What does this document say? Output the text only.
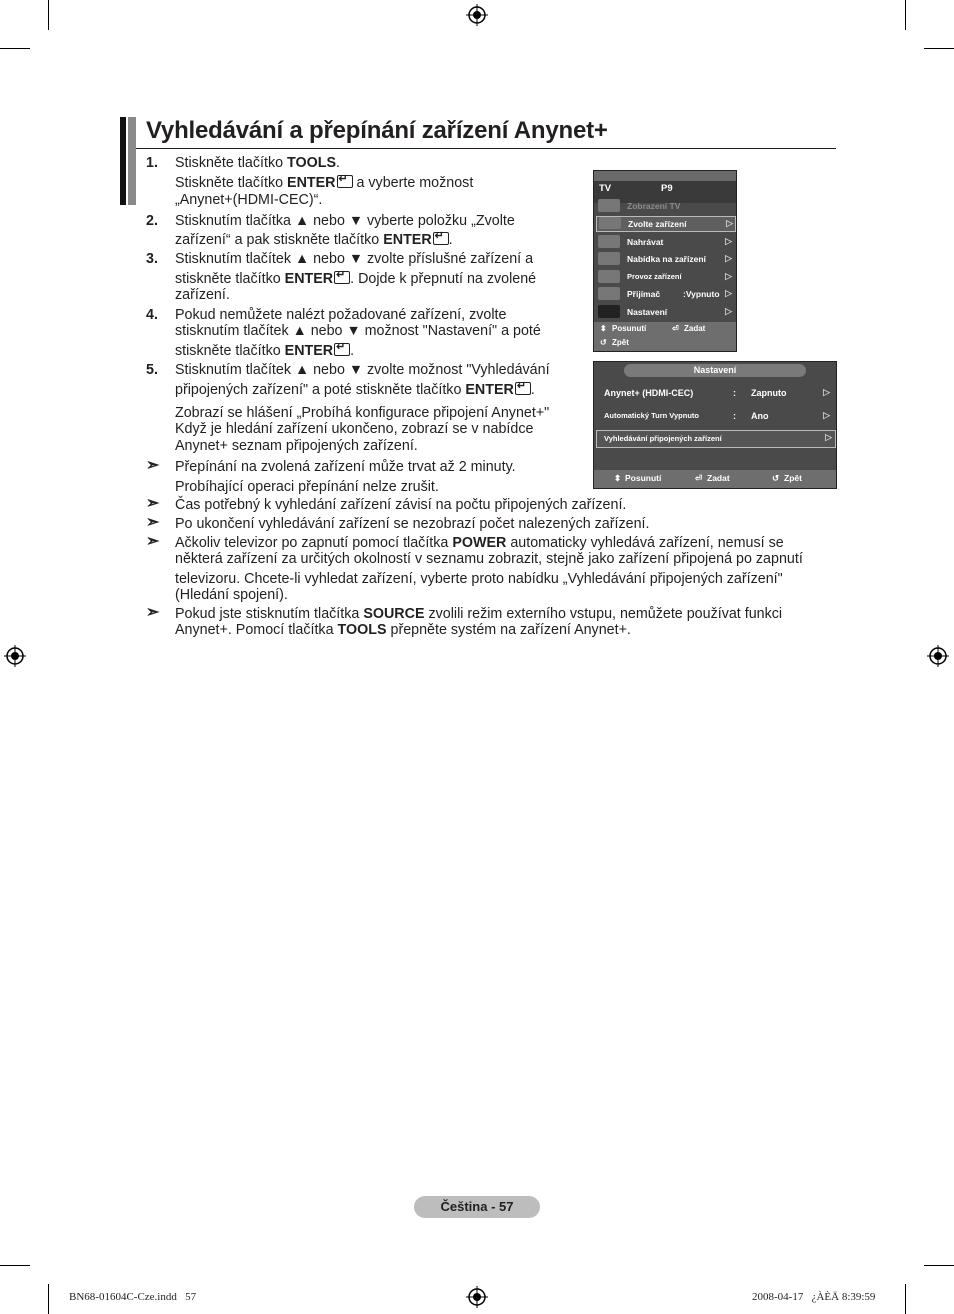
Vyhledávání a přepínání zařízení Anynet+
1. Stiskněte tlačítko TOOLS.
Stiskněte tlačítko ENTER↵ a vyberte možnost
„Anynet+(HDMI-CEC)“.
2. Stisknutím tlačítka ▲ nebo ▼ vyberte položku „Zvolte
zařízení“ a pak stiskněte tlačítko ENTER ↵ .
3. Stisknutím tlačítek ▲ nebo ▼ zvolte příslušné zařízení a
stiskněte tlačítko ENTER ↵ . Dojde k přepnutí na zvolené
zařízení.
4. Pokud nemůžete nalézt požadované zařízení, zvolte
stisknutím tlačítek ▲ nebo ▼ možnost "Nastavení" a poté
stiskněte tlačítko ENTER ↵ .
5. Stisknutím tlačítek ▲ nebo ▼ zvolte možnost "Vyhledávání
připojených zařízení" a poté stiskněte tlačítko ENTER ↵ .
Zobrazí se hlášení „Probíhá konfigurace připojení Anynet+"
Když je hledání zařízení ukončeno, zobrazí se v nabídce
Anynet+ seznam připojených zařízení.
➣ Přepínání na zvolená zařízení může trvat až 2 minuty.
Probíhající operaci přepínání nelze zrušit.
➣ Čas potřebný k vyhledání zařízení závisí na počtu připojených zařízení.
➣ Po ukončení vyhledávání zařízení se nezobrazí počet nalezených zařízení.
➣ Ačkoliv televizor po zapnutí pomocí tlačítka POWER automaticky vyhledává zařízení, nemusí se
některá zařízení za určitých okolností v seznamu zobrazit, stejně jako zařízení připojená po zapnutí
televizoru. Chcete-li vyhledat zařízení, vyberte proto nabídku „Vyhledávání připojených zařízení"
(Hledání spojení).
➣ Pokud jste stisknutím tlačítka SOURCE zvolili režim externího vstupu, nemůžete používat funkci
Anynet+. Pomocí tlačítka TOOLS přepněte systém na zařízení Anynet+.
TV	P9
Zobrazení TV
Zvolte zařízení	▷
Nahrávat	▷
Nabídka na zařízení ▷
Provoz zařízení	▷
Přijímač	:Vypnuto ▷
Nastavení	▷
⬍ Posunutí	⏎ Zadat
↺ Zpět
Nastavení
Anynet+ (HDMI-CEC)	: Zapnuto	▷
Automatický Turn Vypnuto	: Ano	▷
Vyhledávání připojených zařízení	▷
⬍ Posunutí	⏎ Zadat	↺ Zpět
Čeština - 57
BN68-01604C-Cze.indd   57	2008-04-17   ¿ÀÈÄ 8:39:59
